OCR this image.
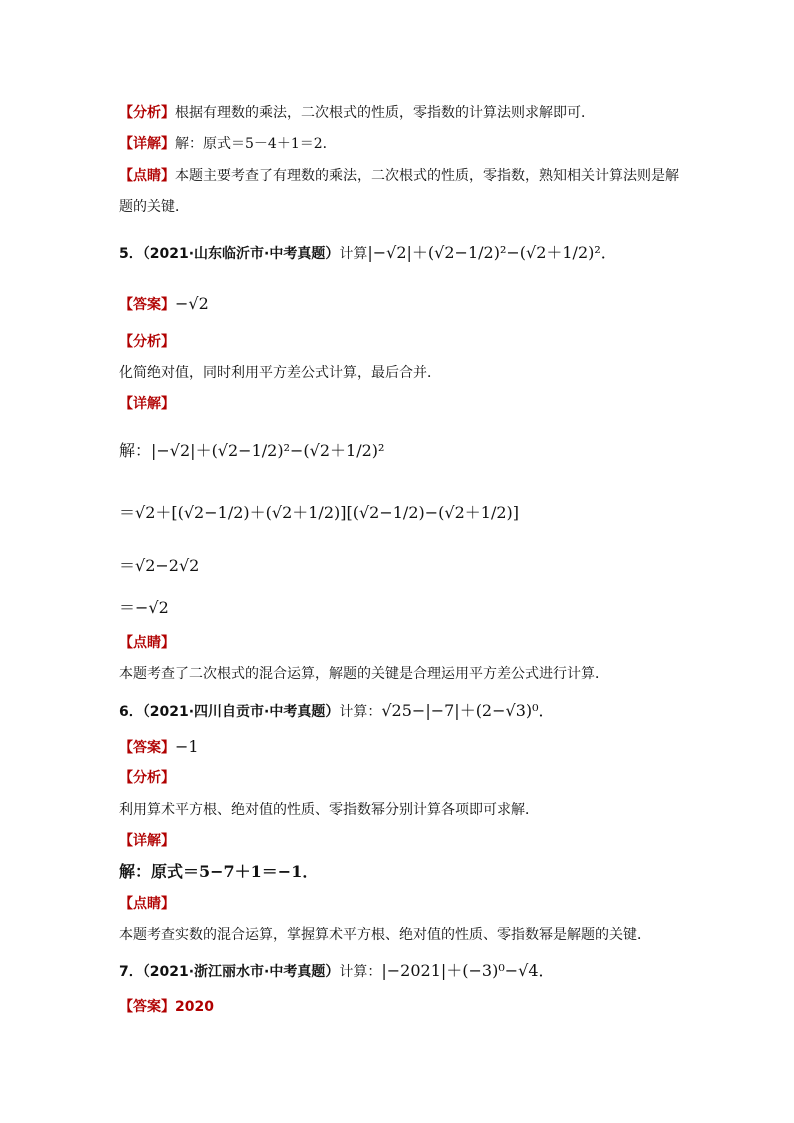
【分析】根据有理数的乘法，二次根式的性质，零指数的计算法则求解即可．
【详解】解：原式＝5－4＋1＝2．
【点睛】本题主要考查了有理数的乘法，二次根式的性质，零指数，熟知相关计算法则是解
题的关键．
5．（2021·山东临沂市·中考真题）计算|−√2|＋(√2−1/2)²−(√2＋1/2)²．
【答案】−√2
【分析】
化简绝对值，同时利用平方差公式计算，最后合并．
【详解】
解：|−√2|＋(√2−1/2)²−(√2＋1/2)²
＝√2＋[(√2−1/2)＋(√2＋1/2)][(√2−1/2)−(√2＋1/2)]
＝√2−2√2
＝−√2
【点睛】
本题考查了二次根式的混合运算，解题的关键是合理运用平方差公式进行计算．
6．（2021·四川自贡市·中考真题）计算：√25−|−7|＋(2−√3)⁰．
【答案】−1
【分析】
利用算术平方根、绝对值的性质、零指数幂分别计算各项即可求解．
【详解】
解：原式＝5−7＋1＝−1．
【点睛】
本题考查实数的混合运算，掌握算术平方根、绝对值的性质、零指数幂是解题的关键．
7．（2021·浙江丽水市·中考真题）计算：|−2021|＋(−3)⁰−√4．
【答案】2020
